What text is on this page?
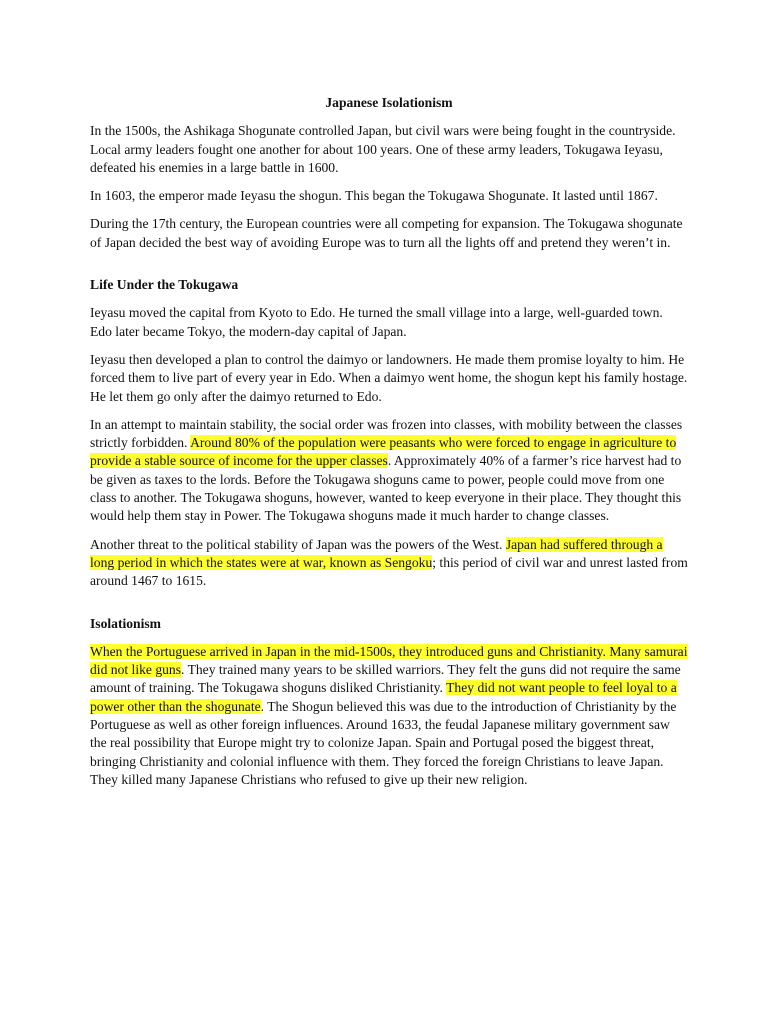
Japanese Isolationism

In the 1500s, the Ashikaga Shogunate controlled Japan, but civil wars were being fought in the countryside. Local army leaders fought one another for about 100 years. One of these army leaders, Tokugawa Ieyasu, defeated his enemies in a large battle in 1600.

In 1603, the emperor made Ieyasu the shogun. This began the Tokugawa Shogunate. It lasted until 1867.

During the 17th century, the European countries were all competing for expansion. The Tokugawa shogunate of Japan decided the best way of avoiding Europe was to turn all the lights off and pretend they weren’t in.

Life Under the Tokugawa

Ieyasu moved the capital from Kyoto to Edo. He turned the small village into a large, well-guarded town. Edo later became Tokyo, the modern-day capital of Japan.

Ieyasu then developed a plan to control the daimyo or landowners. He made them promise loyalty to him. He forced them to live part of every year in Edo. When a daimyo went home, the shogun kept his family hostage. He let them go only after the daimyo returned to Edo.

In an attempt to maintain stability, the social order was frozen into classes, with mobility between the classes strictly forbidden. Around 80% of the population were peasants who were forced to engage in agriculture to provide a stable source of income for the upper classes. Approximately 40% of a farmer’s rice harvest had to be given as taxes to the lords. Before the Tokugawa shoguns came to power, people could move from one class to another. The Tokugawa shoguns, however, wanted to keep everyone in their place. They thought this would help them stay in Power. The Tokugawa shoguns made it much harder to change classes.

Another threat to the political stability of Japan was the powers of the West. Japan had suffered through a long period in which the states were at war, known as Sengoku; this period of civil war and unrest lasted from around 1467 to 1615.

Isolationism

When the Portuguese arrived in Japan in the mid-1500s, they introduced guns and Christianity. Many samurai did not like guns. They trained many years to be skilled warriors. They felt the guns did not require the same amount of training. The Tokugawa shoguns disliked Christianity. They did not want people to feel loyal to a power other than the shogunate. The Shogun believed this was due to the introduction of Christianity by the Portuguese as well as other foreign influences. Around 1633, the feudal Japanese military government saw the real possibility that Europe might try to colonize Japan. Spain and Portugal posed the biggest threat, bringing Christianity and colonial influence with them. They forced the foreign Christians to leave Japan. They killed many Japanese Christians who refused to give up their new religion.
